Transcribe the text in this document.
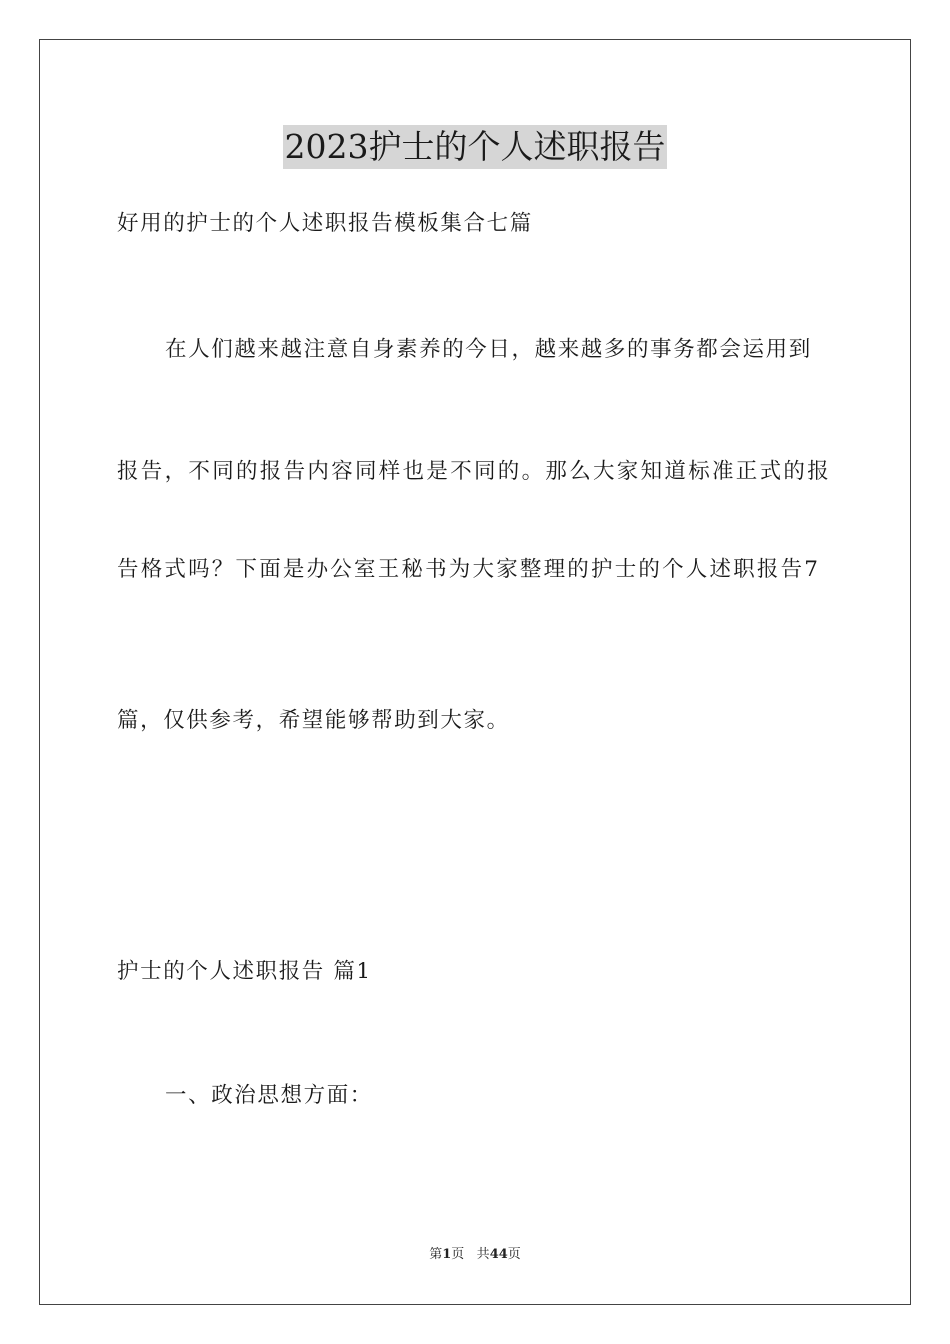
2023护士的个人述职报告
好用的护士的个人述职报告模板集合七篇
在人们越来越注意自身素养的今日，越来越多的事务都会运用到
报告，不同的报告内容同样也是不同的。那么大家知道标准正式的报
告格式吗？下面是办公室王秘书为大家整理的护士的个人述职报告7
篇，仅供参考，希望能够帮助到大家。
护士的个人述职报告 篇1
一、政治思想方面：
第1页 共44页
